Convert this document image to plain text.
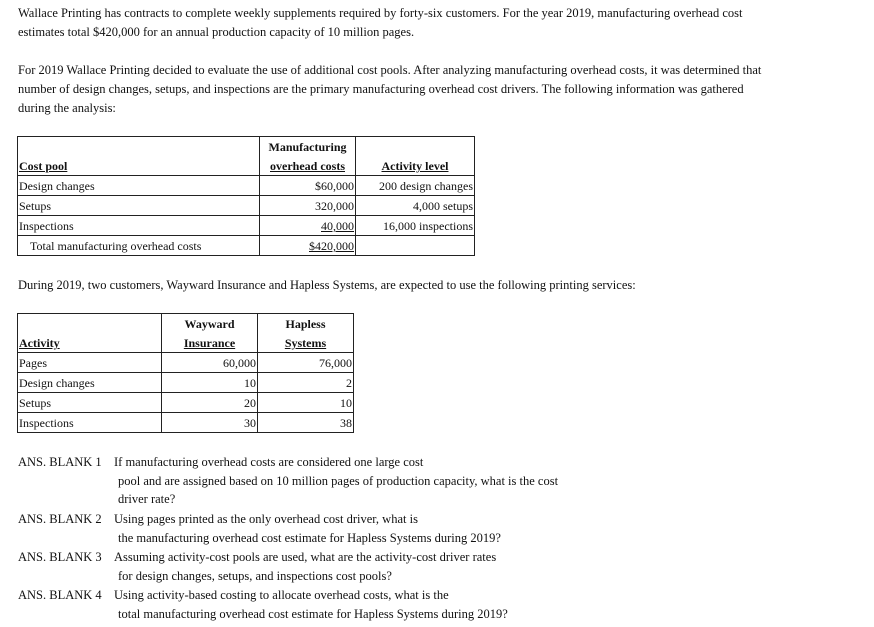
Wallace Printing has contracts to complete weekly supplements required by forty-six customers. For the year 2019, manufacturing overhead cost estimates total $420,000 for an annual production capacity of 10 million pages.

For 2019 Wallace Printing decided to evaluate the use of additional cost pools. After analyzing manufacturing overhead costs, it was determined that number of design changes, setups, and inspections are the primary manufacturing overhead cost drivers. The following information was gathered during the analysis:

	Manufacturing	
Cost pool	overhead costs	Activity level
Design changes	$60,000	200 design changes
Setups	320,000	4,000 setups
Inspections	40,000	16,000 inspections
Total manufacturing overhead costs	$420,000	

During 2019, two customers, Wayward Insurance and Hapless Systems, are expected to use the following printing services:

	Wayward	Hapless
Activity	Insurance	Systems
Pages	60,000	76,000
Design changes	10	2
Setups	20	10
Inspections	30	38
ANS. BLANK 1 If manufacturing overhead costs are considered one large cost
pool and are assigned based on 10 million pages of production capacity, what is the cost driver rate?
ANS. BLANK 2 Using pages printed as the only overhead cost driver, what is
the manufacturing overhead cost estimate for Hapless Systems during 2019?
ANS. BLANK 3 Assuming activity-cost pools are used, what are the activity-cost driver rates
for design changes, setups, and inspections cost pools?
ANS. BLANK 4 Using activity-based costing to allocate overhead costs, what is the
total manufacturing overhead cost estimate for Hapless Systems during 2019?
